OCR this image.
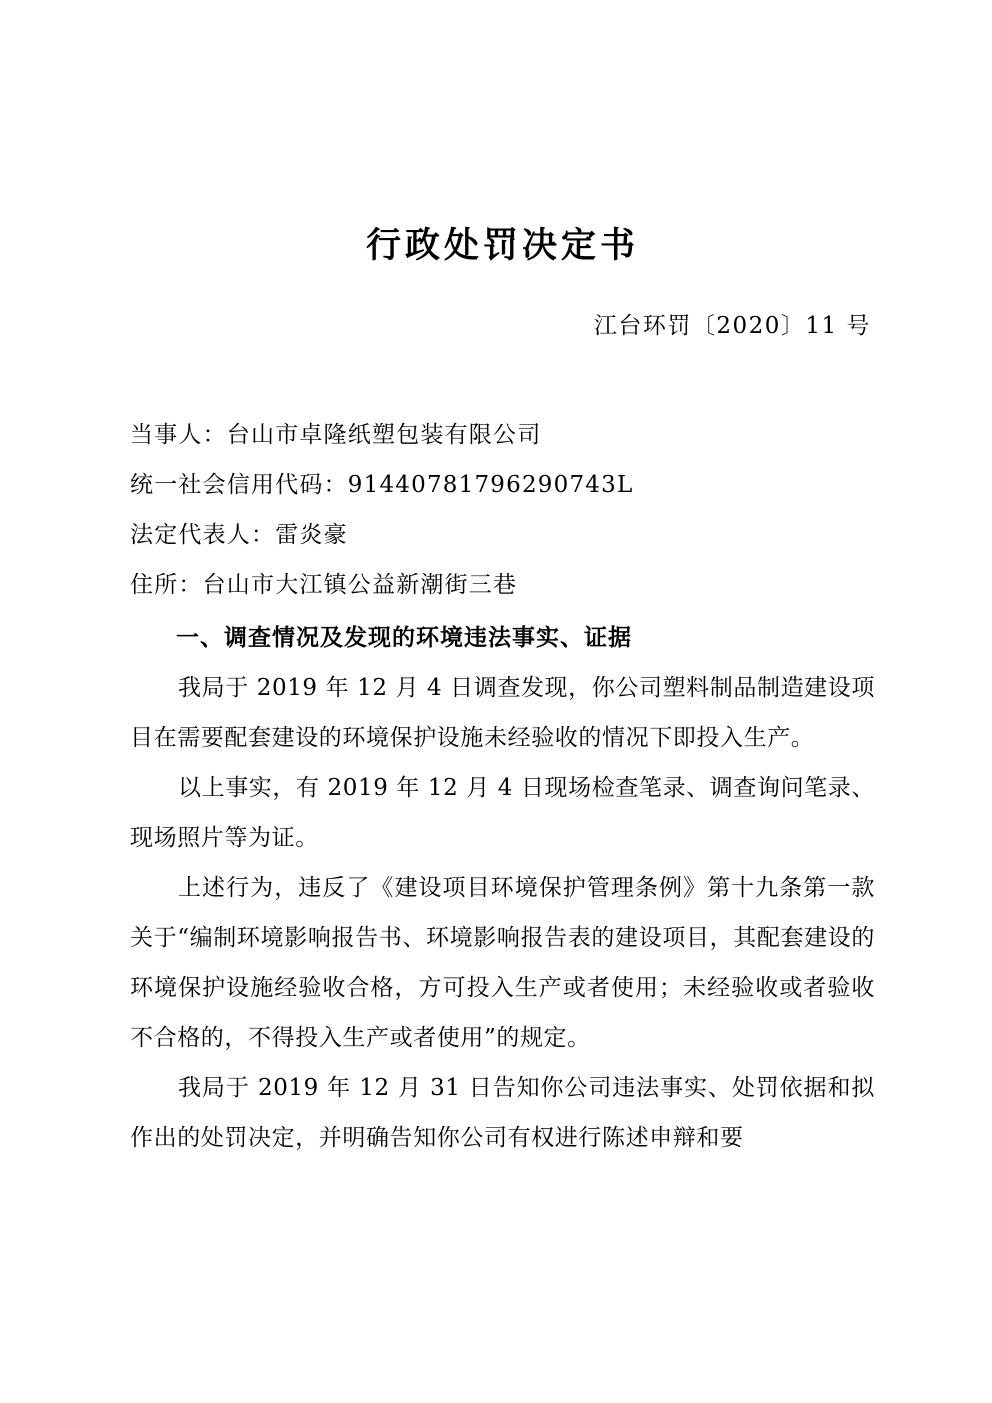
行政处罚决定书
江台环罚〔2020〕11 号
当事人：台山市卓隆纸塑包装有限公司
统一社会信用代码：91440781796290743L
法定代表人：雷炎豪
住所：台山市大江镇公益新潮街三巷
一、调查情况及发现的环境违法事实、证据

我局于 2019 年 12 月 4 日调查发现，你公司塑料制品制造建设项目在需要配套建设的环境保护设施未经验收的情况下即投入生产。

以上事实，有 2019 年 12 月 4 日现场检查笔录、调查询问笔录、现场照片等为证。

上述行为，违反了《建设项目环境保护管理条例》第十九条第一款关于“编制环境影响报告书、环境影响报告表的建设项目，其配套建设的环境保护设施经验收合格，方可投入生产或者使用；未经验收或者验收不合格的，不得投入生产或者使用”的规定。

我局于 2019 年 12 月 31 日告知你公司违法事实、处罚依据和拟作出的处罚决定，并明确告知你公司有权进行陈述申辩和要
